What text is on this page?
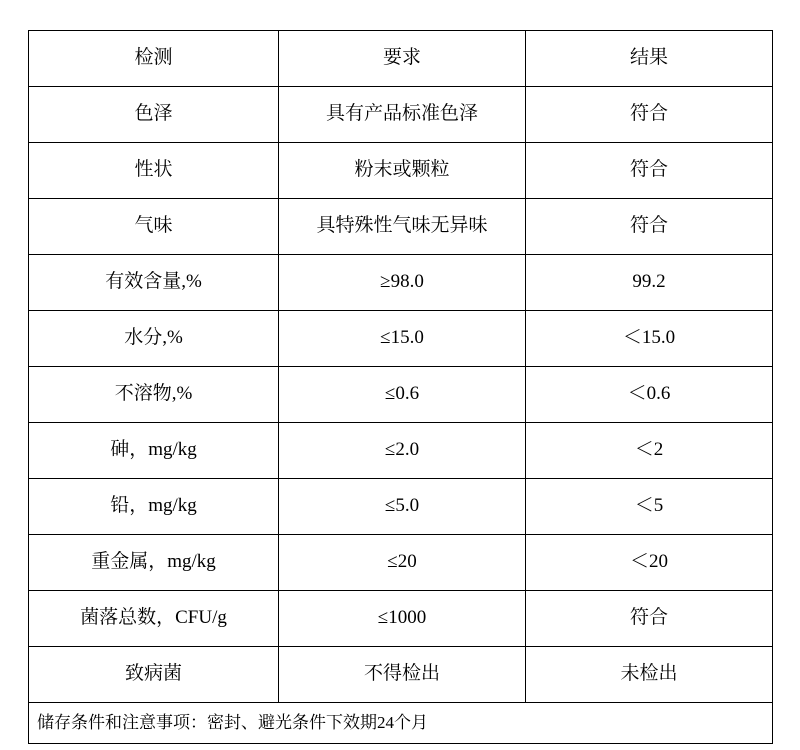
检测	要求	结果

色泽	具有产品标准色泽	符合

性状	粉末或颗粒	符合

气味	具特殊性气味无异味	符合

有效含量,%	≥98.0	99.2

水分,%	≤15.0	＜15.0

不溶物,%	≤0.6	＜0.6

砷，mg/kg	≤2.0	＜2

铅，mg/kg	≤5.0	＜5

重金属，mg/kg	≤20	＜20

菌落总数，CFU/g	≤1000	符合

致病菌	不得检出	未检出

储存条件和注意事项：密封、避光条件下效期24个月		
